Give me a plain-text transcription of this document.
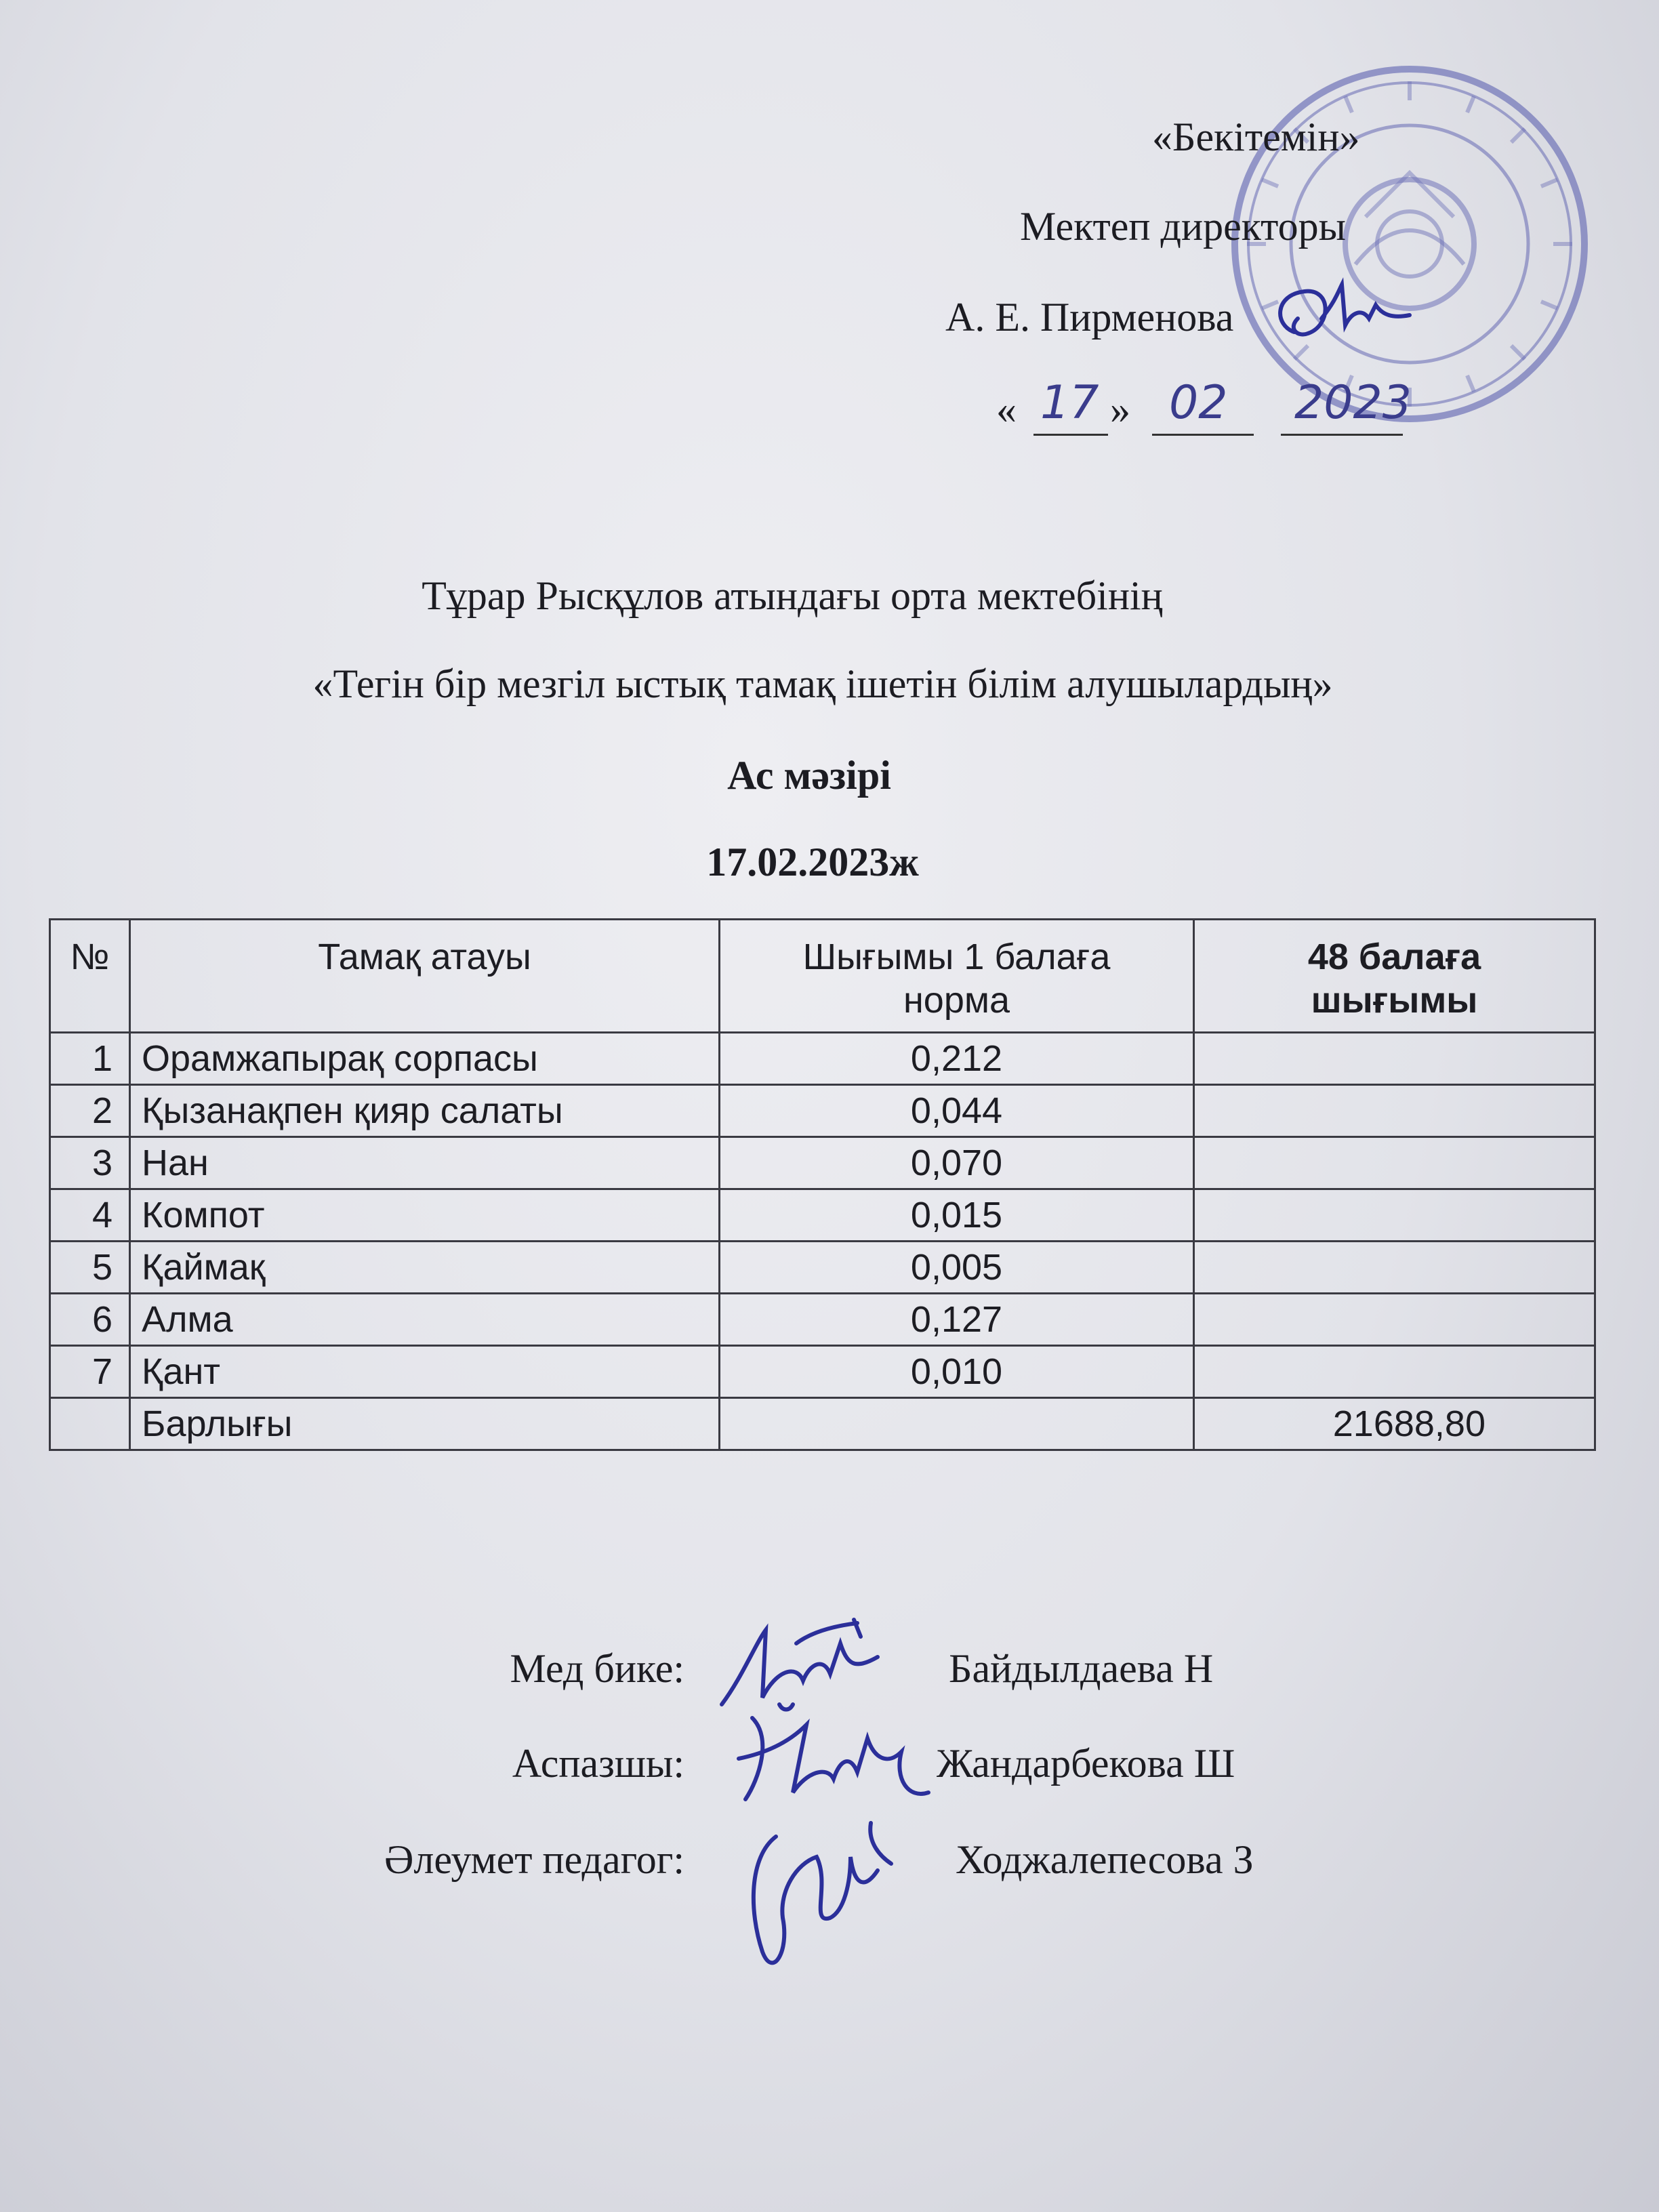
«Бекітемін»
Мектеп директоры
А. Е. Пирменова
« 17 » 02 2023
Тұрар Рысқұлов атындағы орта мектебінің
«Тегін бір мезгіл ыстық тамақ ішетін білім алушылардың»
Ас мәзірі
17.02.2023ж
№	Тамақ атауы	Шығымы 1 балаға норма	48 балаға шығымы
1	Орамжапырақ сорпасы	0,212	
2	Қызанақпен қияр салаты	0,044	
3	Нан	0,070	
4	Компот	0,015	
5	Қаймақ	0,005	
6	Алма	0,127	
7	Қант	0,010	
	Барлығы		21688,80
Мед бике:	Байдылдаева Н
Аспазшы:	Жандарбекова Ш
Әлеумет педагог:	Ходжалепесова З
